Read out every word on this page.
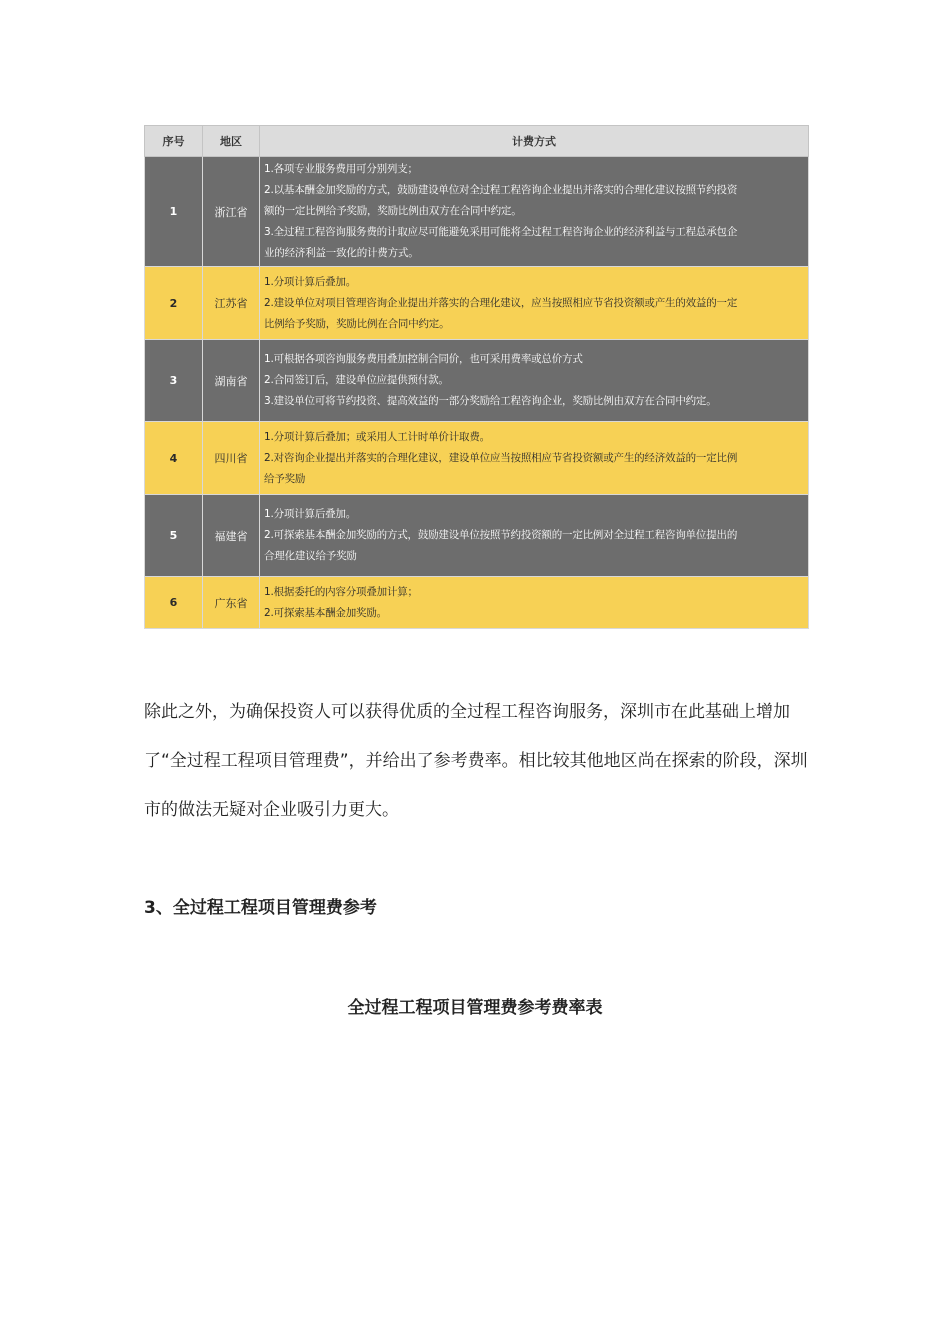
序号	地区	计费方式
1	浙江省	1.各项专业服务费用可分别列支；
2.以基本酬金加奖励的方式，鼓励建设单位对全过程工程咨询企业提出并落实的合理化建议按照节约投资
额的一定比例给予奖励，奖励比例由双方在合同中约定。
3.全过程工程咨询服务费的计取应尽可能避免采用可能将全过程工程咨询企业的经济利益与工程总承包企
业的经济利益一致化的计费方式。

2	江苏省	1.分项计算后叠加。
2.建设单位对项目管理咨询企业提出并落实的合理化建议，应当按照相应节省投资额或产生的效益的一定
比例给予奖励，奖励比例在合同中约定。

3	湖南省	1.可根据各项咨询服务费用叠加控制合同价，也可采用费率或总价方式
2.合同签订后，建设单位应提供预付款。
3.建设单位可将节约投资、提高效益的一部分奖励给工程咨询企业，奖励比例由双方在合同中约定。

4	四川省	1.分项计算后叠加；或采用人工计时单价计取费。
2.对咨询企业提出并落实的合理化建议，建设单位应当按照相应节省投资额或产生的经济效益的一定比例
给予奖励

5	福建省	1.分项计算后叠加。
2.可探索基本酬金加奖励的方式，鼓励建设单位按照节约投资额的一定比例对全过程工程咨询单位提出的
合理化建议给予奖励

6	广东省	1.根据委托的内容分项叠加计算；
2.可探索基本酬金加奖励。

除此之外，为确保投资人可以获得优质的全过程工程咨询服务，深圳市在此基础上增加了“全过程工程项目管理费”，并给出了参考费率。相比较其他地区尚在探索的阶段，深圳市的做法无疑对企业吸引力更大。

3、全过程工程项目管理费参考
全过程工程项目管理费参考费率表
